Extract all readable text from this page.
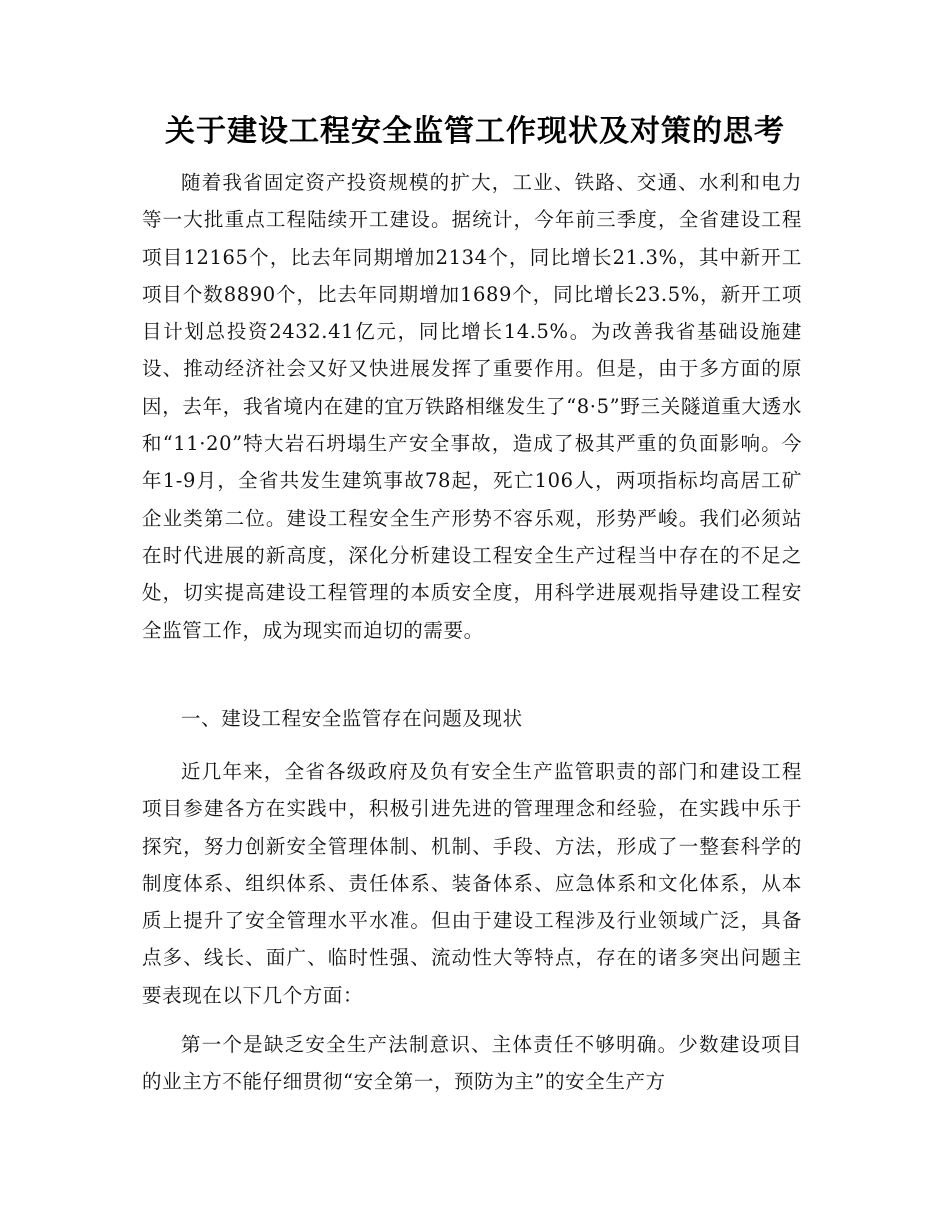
关于建设工程安全监管工作现状及对策的思考

随着我省固定资产投资规模的扩大，工业、铁路、交通、水利和电力等一大批重点工程陆续开工建设。据统计，今年前三季度，全省建设工程项目12165个，比去年同期增加2134个，同比增长21.3%，其中新开工项目个数8890个，比去年同期增加1689个，同比增长23.5%，新开工项目计划总投资2432.41亿元，同比增长14.5%。为改善我省基础设施建设、推动经济社会又好又快进展发挥了重要作用。但是，由于多方面的原因，去年，我省境内在建的宜万铁路相继发生了“8·5”野三关隧道重大透水和“11·20”特大岩石坍塌生产安全事故，造成了极其严重的负面影响。今年1-9月，全省共发生建筑事故78起，死亡106人，两项指标均高居工矿企业类第二位。建设工程安全生产形势不容乐观，形势严峻。我们必须站在时代进展的新高度，深化分析建设工程安全生产过程当中存在的不足之处，切实提高建设工程管理的本质安全度，用科学进展观指导建设工程安全监管工作，成为现实而迫切的需要。

一、建设工程安全监管存在问题及现状

近几年来，全省各级政府及负有安全生产监管职责的部门和建设工程项目参建各方在实践中，积极引进先进的管理理念和经验，在实践中乐于探究，努力创新安全管理体制、机制、手段、方法，形成了一整套科学的制度体系、组织体系、责任体系、装备体系、应急体系和文化体系，从本质上提升了安全管理水平水准。但由于建设工程涉及行业领域广泛，具备点多、线长、面广、临时性强、流动性大等特点，存在的诸多突出问题主要表现在以下几个方面：

第一个是缺乏安全生产法制意识、主体责任不够明确。少数建设项目的业主方不能仔细贯彻“安全第一，预防为主”的安全生产方
